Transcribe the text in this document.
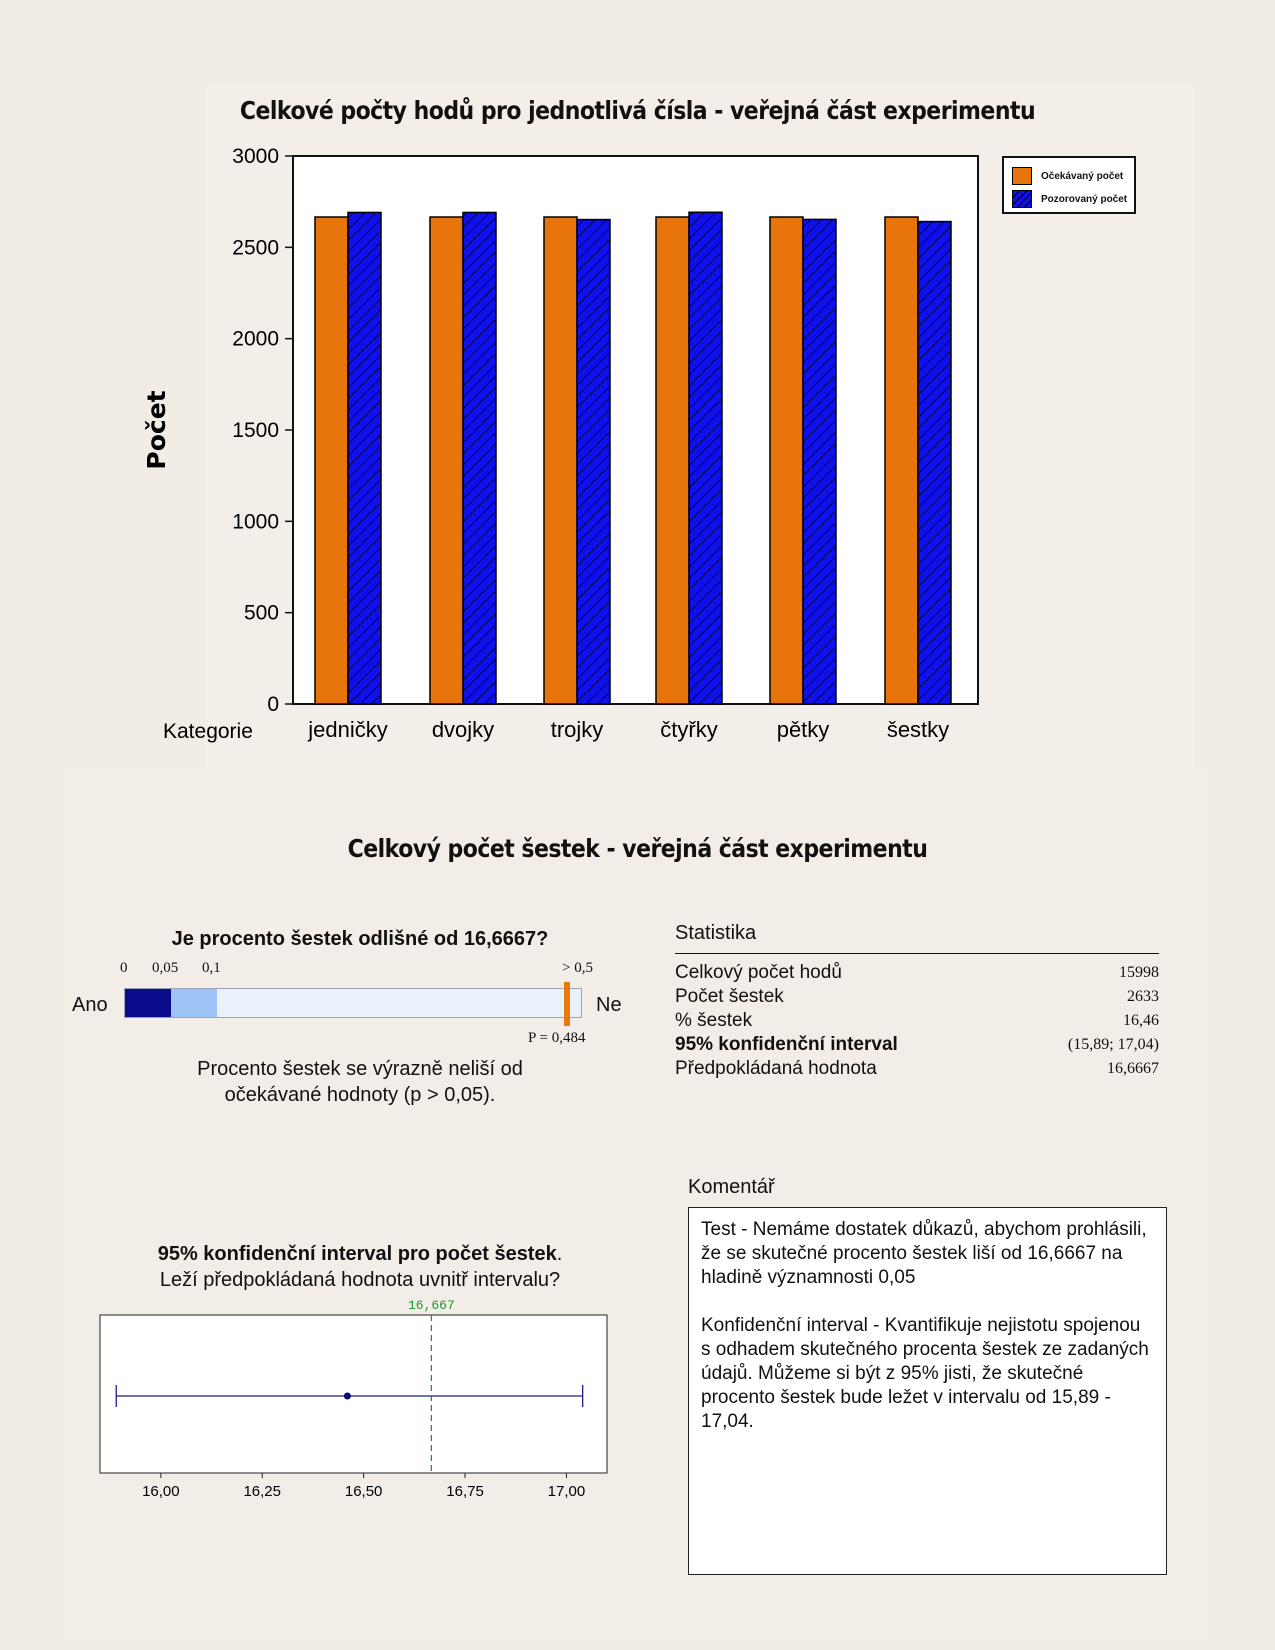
Celkové počty hodů pro jednotlivá čísla - veřejná část experimentu
0
500
1000
1500
2000
2500
3000
jedničky dvojky	trojky	čtyřky	pětky	šestky
Kategorie
Počet
Očekávaný počet
Pozorovaný počet
Celkový počet šestek - veřejná část experimentu
Je procento šestek odlišné od 16,6667?
0 0,05 0,1	> 0,5
Ano	Ne
P = 0,484
Procento šestek se výrazně neliší od
očekávané hodnoty (p > 0,05).
Statistika
Celkový počet hodů	15998
Počet šestek	2633
% šestek	16,46
95% konfidenční interval	(15,89; 17,04)
Předpokládaná hodnota	16,6667
95% konfidenční interval pro počet šestek.
Leží předpokládaná hodnota uvnitř intervalu?
16,667
16,00	16,25	16,50	16,75	17,00
Komentář

Test - Nemáme dostatek důkazů, abychom prohlásili, že se skutečné procento šestek liší od 16,6667 na hladině významnosti 0,05

Konfidenční interval - Kvantifikuje nejistotu spojenou s odhadem skutečného procenta šestek ze zadaných údajů. Můžeme si být z 95% jisti, že skutečné procento šestek bude ležet v intervalu od 15,89 - 17,04.
